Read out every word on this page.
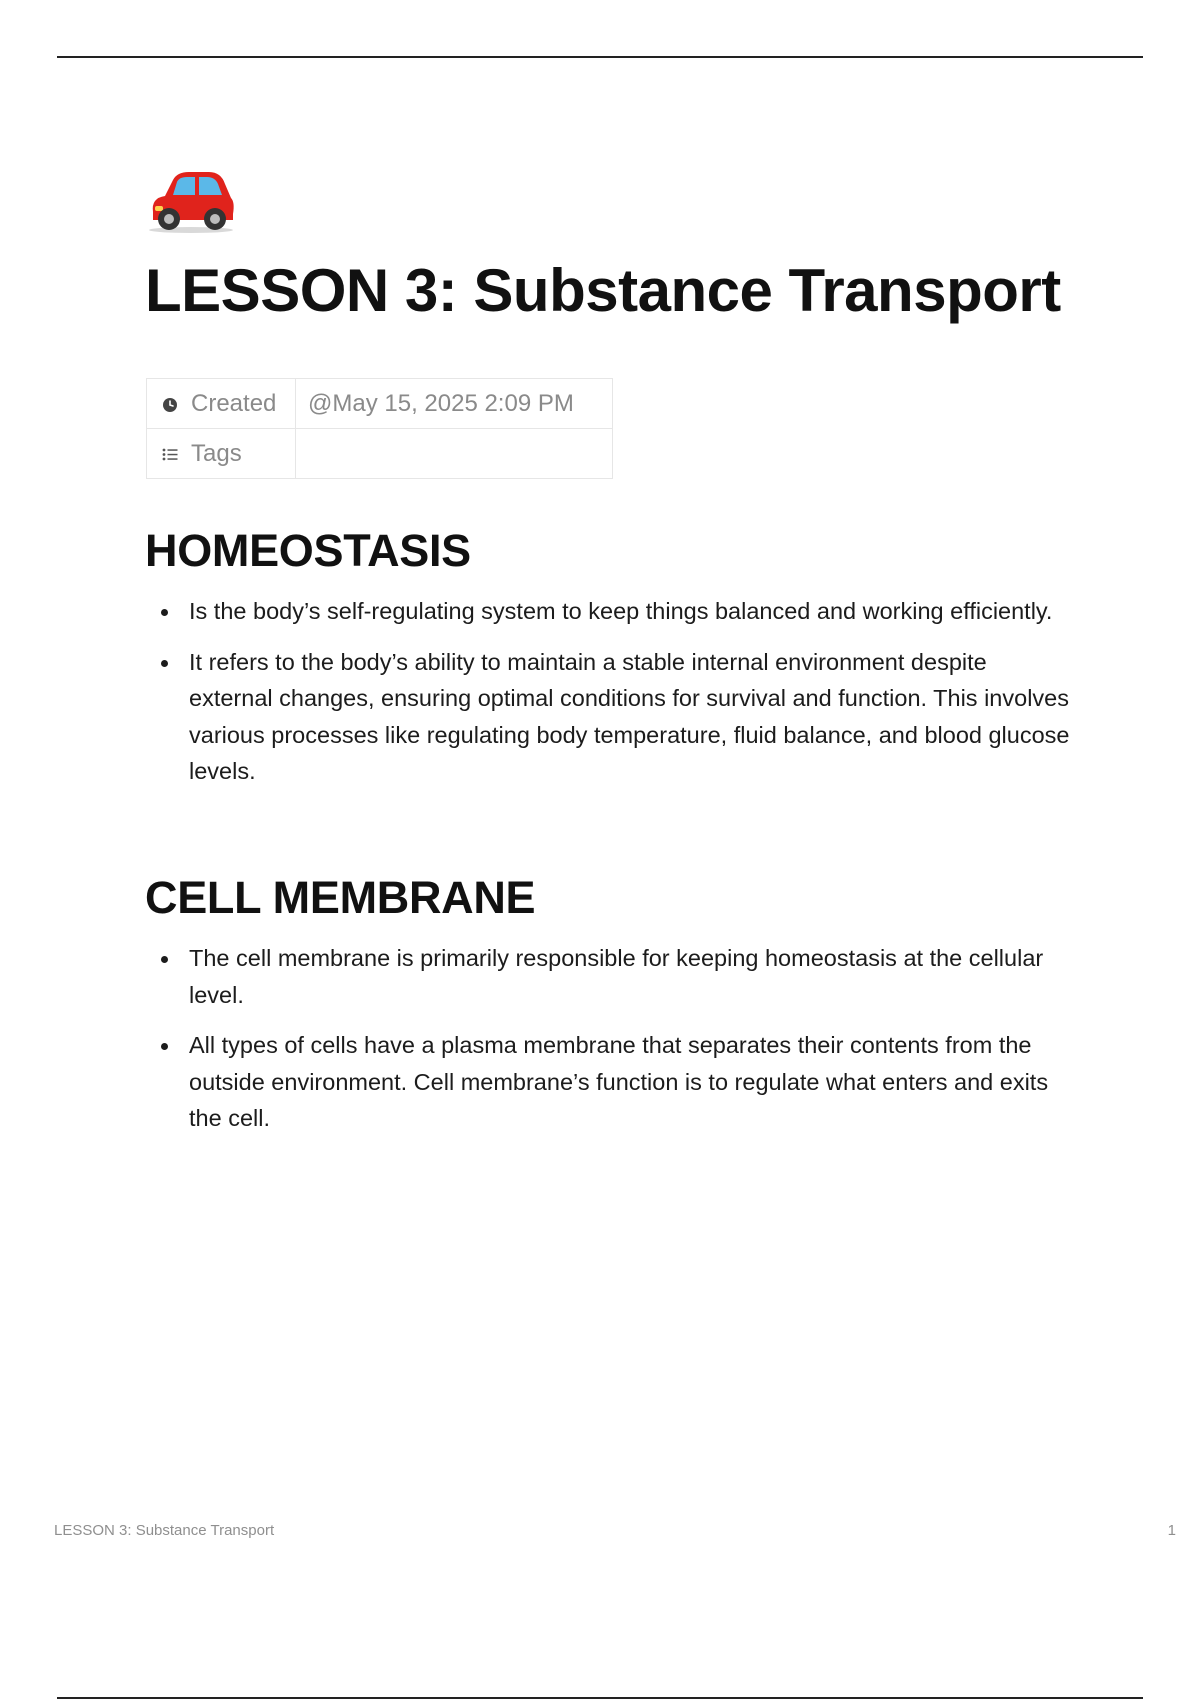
LESSON 3: Substance Transport
Created	@May 15, 2025 2:09 PM

Tags	

HOMEOSTASIS
Is the body’s self-regulating system to keep things balanced and working efficiently.
It refers to the body’s ability to maintain a stable internal environment despite external changes, ensuring optimal conditions for survival and function. This involves various processes like regulating body temperature, fluid balance, and blood glucose levels.
CELL MEMBRANE
The cell membrane is primarily responsible for keeping homeostasis at the cellular level.
All types of cells have a plasma membrane that separates their contents from the outside environment. Cell membrane’s function is to regulate what enters and exits the cell.
LESSON 3: Substance Transport	1
